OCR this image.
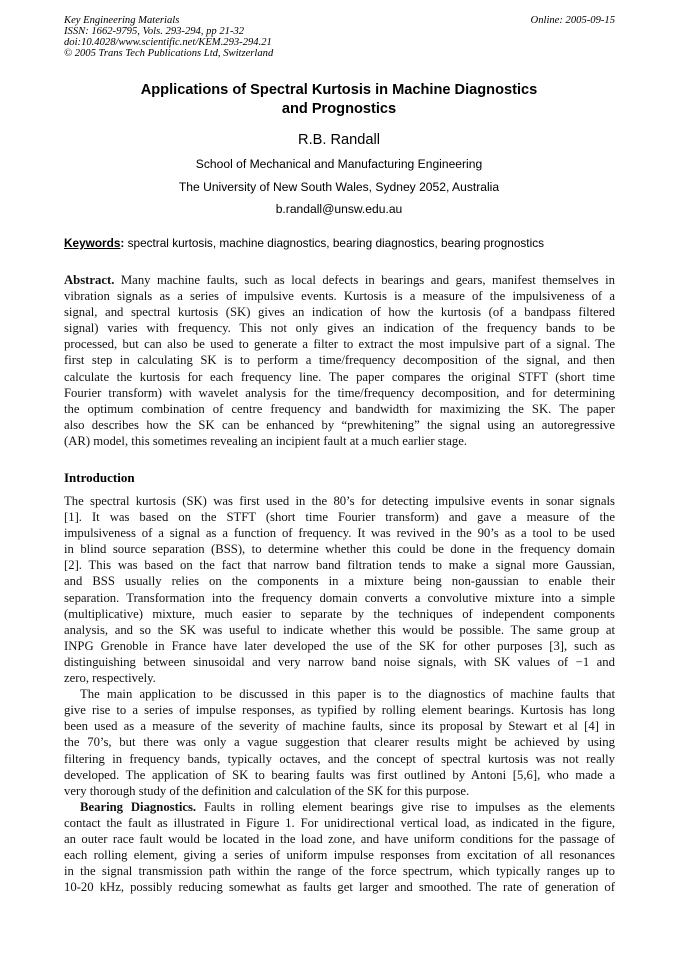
Key Engineering Materials
ISSN: 1662-9795, Vols. 293-294, pp 21-32
doi:10.4028/www.scientific.net/KEM.293-294.21
© 2005 Trans Tech Publications Ltd, Switzerland
Online: 2005-09-15
Applications of Spectral Kurtosis in Machine Diagnostics
and Prognostics
R.B. Randall
School of Mechanical and Manufacturing Engineering
The University of New South Wales, Sydney 2052, Australia
b.randall@unsw.edu.au
Keywords: spectral kurtosis, machine diagnostics, bearing diagnostics, bearing prognostics
Abstract. Many machine faults, such as local defects in bearings and gears, manifest themselves in
vibration signals as a series of impulsive events. Kurtosis is a measure of the impulsiveness of a
signal, and spectral kurtosis (SK) gives an indication of how the kurtosis (of a bandpass filtered
signal) varies with frequency. This not only gives an indication of the frequency bands to be
processed, but can also be used to generate a filter to extract the most impulsive part of a signal. The
first step in calculating SK is to perform a time/frequency decomposition of the signal, and then
calculate the kurtosis for each frequency line. The paper compares the original STFT (short time
Fourier transform) with wavelet analysis for the time/frequency decomposition, and for determining
the optimum combination of centre frequency and bandwidth for maximizing the SK. The paper
also describes how the SK can be enhanced by “prewhitening” the signal using an autoregressive
(AR) model, this sometimes revealing an incipient fault at a much earlier stage.
Introduction
The spectral kurtosis (SK) was first used in the 80’s for detecting impulsive events in sonar signals
[1]. It was based on the STFT (short time Fourier transform) and gave a measure of the
impulsiveness of a signal as a function of frequency. It was revived in the 90’s as a tool to be used
in blind source separation (BSS), to determine whether this could be done in the frequency domain
[2]. This was based on the fact that narrow band filtration tends to make a signal more Gaussian,
and BSS usually relies on the components in a mixture being non-gaussian to enable their
separation. Transformation into the frequency domain converts a convolutive mixture into a simple
(multiplicative) mixture, much easier to separate by the techniques of independent components
analysis, and so the SK was useful to indicate whether this would be possible. The same group at
INPG Grenoble in France have later developed the use of the SK for other purposes [3], such as
distinguishing between sinusoidal and very narrow band noise signals, with SK values of −1 and
zero, respectively.
The main application to be discussed in this paper is to the diagnostics of machine faults that
give rise to a series of impulse responses, as typified by rolling element bearings. Kurtosis has long
been used as a measure of the severity of machine faults, since its proposal by Stewart et al [4] in
the 70’s, but there was only a vague suggestion that clearer results might be achieved by using
filtering in frequency bands, typically octaves, and the concept of spectral kurtosis was not really
developed. The application of SK to bearing faults was first outlined by Antoni [5,6], who made a
very thorough study of the definition and calculation of the SK for this purpose.
Bearing Diagnostics. Faults in rolling element bearings give rise to impulses as the elements
contact the fault as illustrated in Figure 1. For unidirectional vertical load, as indicated in the figure,
an outer race fault would be located in the load zone, and have uniform conditions for the passage of
each rolling element, giving a series of uniform impulse responses from excitation of all resonances
in the signal transmission path within the range of the force spectrum, which typically ranges up to
10-20 kHz, possibly reducing somewhat as faults get larger and smoothed. The rate of generation of
